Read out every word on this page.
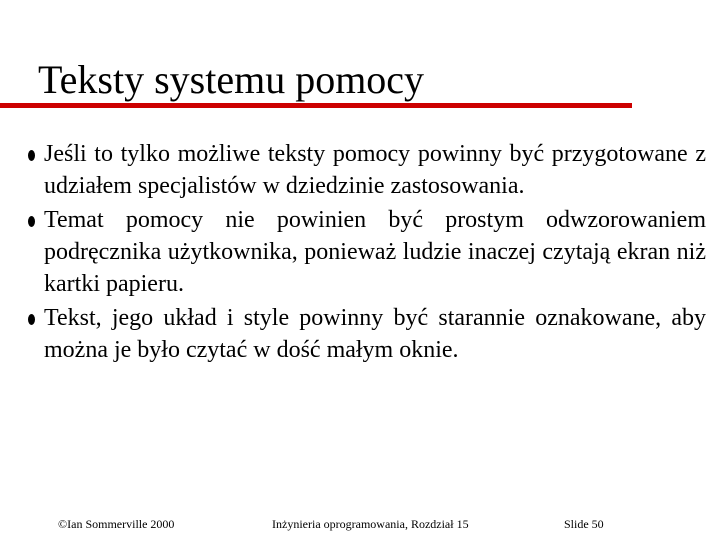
Teksty systemu pomocy
Jeśli to tylko możliwe teksty pomocy powinny być przygotowane z udziałem specjalistów w dziedzinie zastosowania.
Temat pomocy nie powinien być prostym odwzorowaniem podręcznika użytkownika, ponieważ ludzie inaczej czytają ekran niż kartki papieru.
Tekst, jego układ i style powinny być starannie oznakowane, aby można je było czytać w dość małym oknie.
©Ian Sommerville 2000	Inżynieria oprogramowania, Rozdział 15	Slide 50
